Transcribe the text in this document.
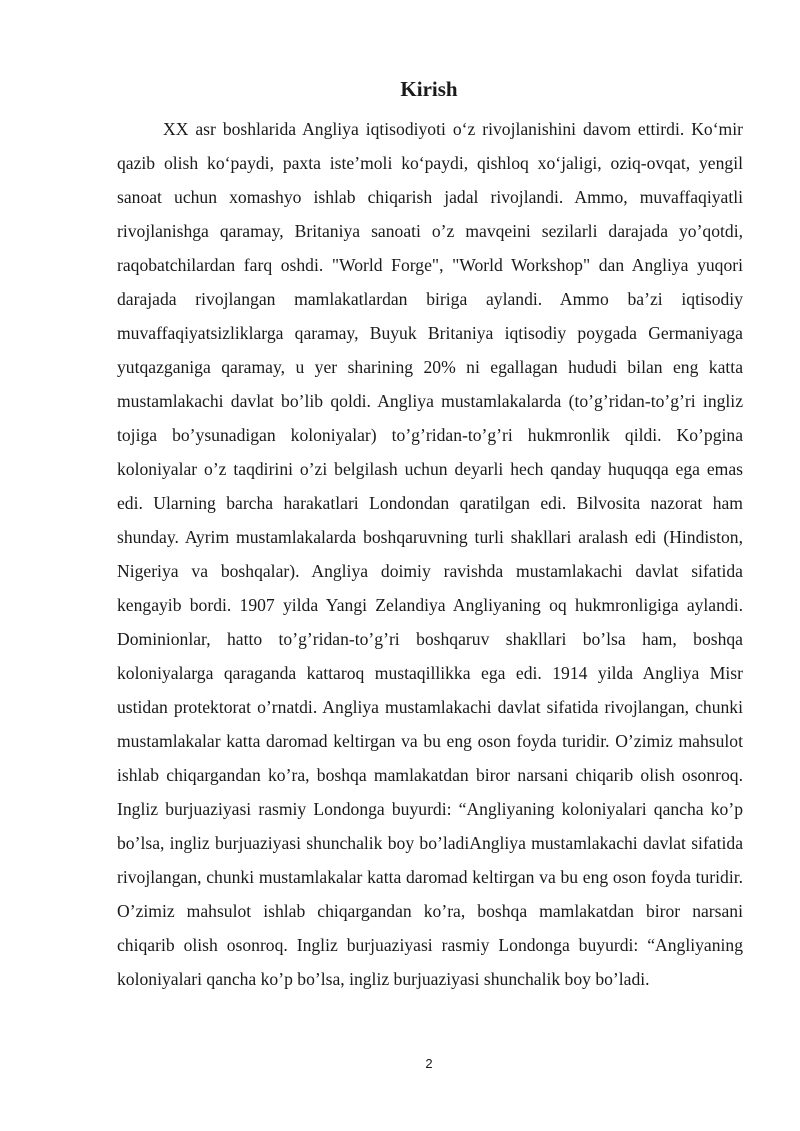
Kirish

XX asr boshlarida Angliya iqtisodiyoti o‘z rivojlanishini davom ettirdi. Ko‘mir qazib olish ko‘paydi, paxta iste’moli ko‘paydi, qishloq xo‘jaligi, oziq-ovqat, yengil sanoat uchun xomashyo ishlab chiqarish jadal rivojlandi. Ammo, muvaffaqiyatli rivojlanishga qaramay, Britaniya sanoati o’z mavqeini sezilarli darajada yo’qotdi, raqobatchilardan farq oshdi. "World Forge", "World Workshop" dan Angliya yuqori darajada rivojlangan mamlakatlardan biriga aylandi. Ammo ba’zi iqtisodiy muvaffaqiyatsizliklarga qaramay, Buyuk Britaniya iqtisodiy poygada Germaniyaga yutqazganiga qaramay, u yer sharining 20% ni egallagan hududi bilan eng katta mustamlakachi davlat bo’lib qoldi. Angliya mustamlakalarda (to’g’ridan-to’g’ri ingliz tojiga bo’ysunadigan koloniyalar) to’g’ridan-to’g’ri hukmronlik qildi. Ko’pgina koloniyalar o’z taqdirini o’zi belgilash uchun deyarli hech qanday huquqqa ega emas edi. Ularning barcha harakatlari Londondan qaratilgan edi. Bilvosita nazorat ham shunday. Ayrim mustamlakalarda boshqaruvning turli shakllari aralash edi (Hindiston, Nigeriya va boshqalar). Angliya doimiy ravishda mustamlakachi davlat sifatida kengayib bordi. 1907 yilda Yangi Zelandiya Angliyaning oq hukmronligiga aylandi. Dominionlar, hatto to’g’ridan-to’g’ri boshqaruv shakllari bo’lsa ham, boshqa koloniyalarga qaraganda kattaroq mustaqillikka ega edi. 1914 yilda Angliya Misr ustidan protektorat o’rnatdi. Angliya mustamlakachi davlat sifatida rivojlangan, chunki mustamlakalar katta daromad keltirgan va bu eng oson foyda turidir. O’zimiz mahsulot ishlab chiqargandan ko’ra, boshqa mamlakatdan biror narsani chiqarib olish osonroq. Ingliz burjuaziyasi rasmiy Londonga buyurdi: “Angliyaning koloniyalari qancha ko’p bo’lsa, ingliz burjuaziyasi shunchalik boy bo’ladiAngliya mustamlakachi davlat sifatida rivojlangan, chunki mustamlakalar katta daromad keltirgan va bu eng oson foyda turidir. O’zimiz mahsulot ishlab chiqargandan ko’ra, boshqa mamlakatdan biror narsani chiqarib olish osonroq. Ingliz burjuaziyasi rasmiy Londonga buyurdi: “Angliyaning koloniyalari qancha ko’p bo’lsa, ingliz burjuaziyasi shunchalik boy bo’ladi.

2
